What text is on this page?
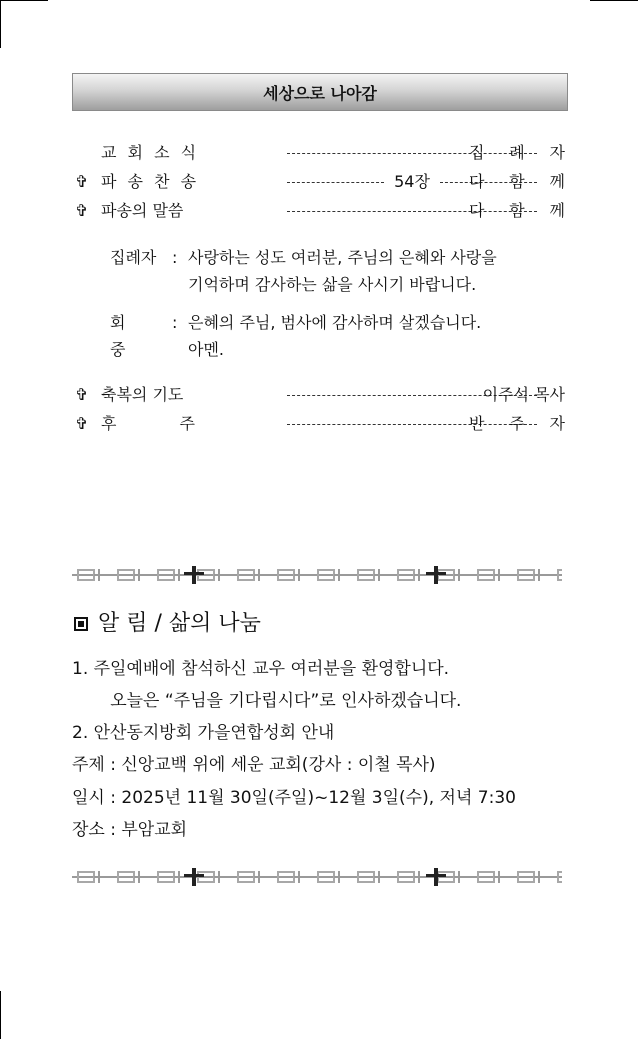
세상으로 나아감
교 회 소 식	집 례 자
✞ 파 송 찬 송	54장	다 함 께
✞ 파송의 말씀	다 함 께
집례자 : 사랑하는 성도 여러분, 주님의 은혜와 사랑을
기억하며 감사하는 삶을 사시기 바랍니다.
회 중
: 은혜의 주님, 범사에 감사하며 살겠습니다.
아멘.
✞ 축복의 기도	이주석 목사
✞ 후 주	반 주 자
알 림 / 삶의 나눔
1. 주일예배에 참석하신 교우 여러분을 환영합니다.
오늘은 “주님을 기다립시다”로 인사하겠습니다.
2. 안산동지방회 가을연합성회 안내
주제 : 신앙교백 위에 세운 교회(강사 : 이철 목사)
일시 : 2025년 11월 30일(주일)~12월 3일(수), 저녁 7:30
장소 : 부암교회
